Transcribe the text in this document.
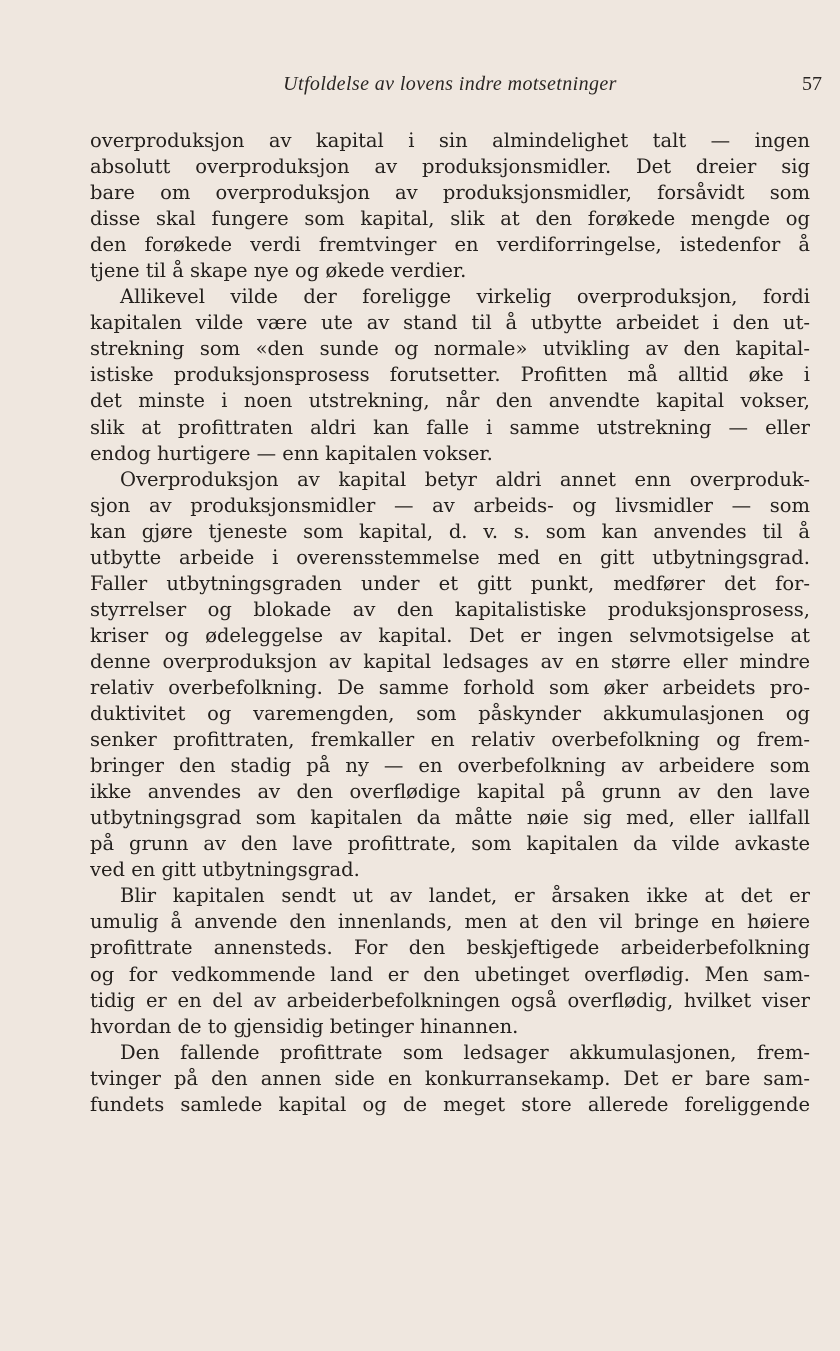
Utfoldelse av lovens indre motsetninger	57
overproduksjon av kapital i sin almindelighet talt — ingen
absolutt overproduksjon av produksjonsmidler. Det dreier sig
bare om overproduksjon av produksjonsmidler, forsåvidt som
disse skal fungere som kapital, slik at den forøkede mengde og
den forøkede verdi fremtvinger en verdiforringelse, istedenfor å
tjene til å skape nye og økede verdier.
Allikevel vilde der foreligge virkelig overproduksjon, fordi
kapitalen vilde være ute av stand til å utbytte arbeidet i den ut-
strekning som «den sunde og normale» utvikling av den kapital-
istiske produksjonsprosess forutsetter. Profitten må alltid øke i
det minste i noen utstrekning, når den anvendte kapital vokser,
slik at profittraten aldri kan falle i samme utstrekning — eller
endog hurtigere — enn kapitalen vokser.
Overproduksjon av kapital betyr aldri annet enn overproduk-
sjon av produksjonsmidler — av arbeids- og livsmidler — som
kan gjøre tjeneste som kapital, d. v. s. som kan anvendes til å
utbytte arbeide i overensstemmelse med en gitt utbytningsgrad.
Faller utbytningsgraden under et gitt punkt, medfører det for-
styrrelser og blokade av den kapitalistiske produksjonsprosess,
kriser og ødeleggelse av kapital. Det er ingen selvmotsigelse at
denne overproduksjon av kapital ledsages av en større eller mindre
relativ overbefolkning. De samme forhold som øker arbeidets pro-
duktivitet og varemengden, som påskynder akkumulasjonen og
senker profittraten, fremkaller en relativ overbefolkning og frem-
bringer den stadig på ny — en overbefolkning av arbeidere som
ikke anvendes av den overflødige kapital på grunn av den lave
utbytningsgrad som kapitalen da måtte nøie sig med, eller iallfall
på grunn av den lave profittrate, som kapitalen da vilde avkaste
ved en gitt utbytningsgrad.
Blir kapitalen sendt ut av landet, er årsaken ikke at det er
umulig å anvende den innenlands, men at den vil bringe en høiere
profittrate annensteds. For den beskjeftigede arbeiderbefolkning
og for vedkommende land er den ubetinget overflødig. Men sam-
tidig er en del av arbeiderbefolkningen også overflødig, hvilket viser
hvordan de to gjensidig betinger hinannen.
Den fallende profittrate som ledsager akkumulasjonen, frem-
tvinger på den annen side en konkurransekamp. Det er bare sam-
fundets samlede kapital og de meget store allerede foreliggende
